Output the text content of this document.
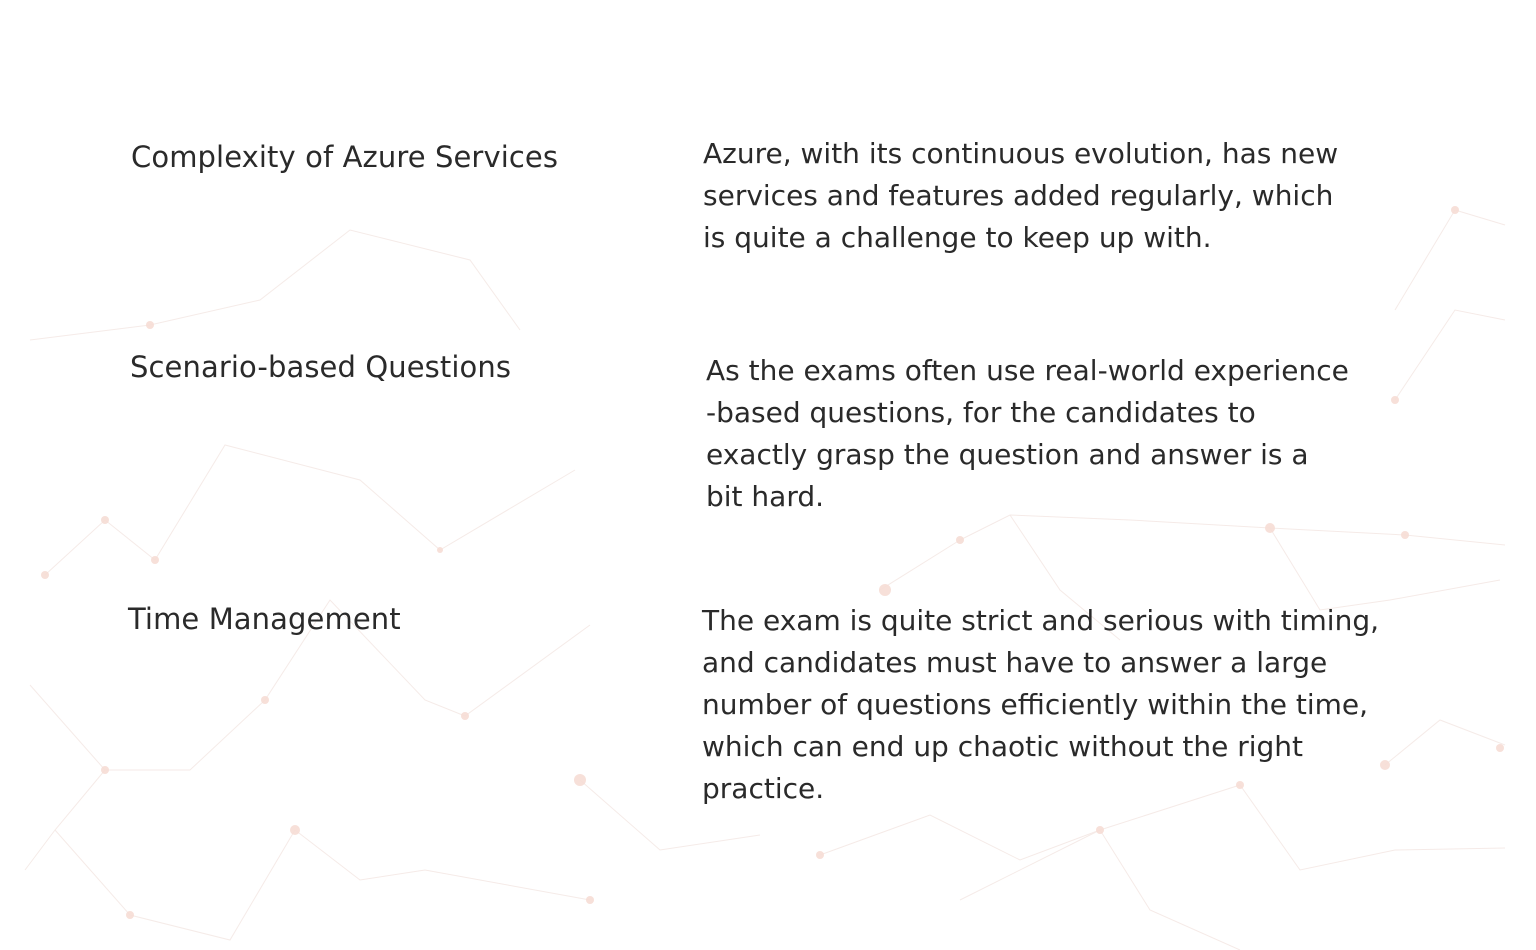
Complexity of Azure Services	Azure, with its continuous evolution, has new
services and features added regularly, which
is quite a challenge to keep up with.
Scenario-based Questions	As the exams often use real-world experience
-based questions, for the candidates to
exactly grasp the question and answer is a
bit hard.
Time Management	The exam is quite strict and serious with timing,
and candidates must have to answer a large
number of questions efficiently within the time,
which can end up chaotic without the right
practice.
